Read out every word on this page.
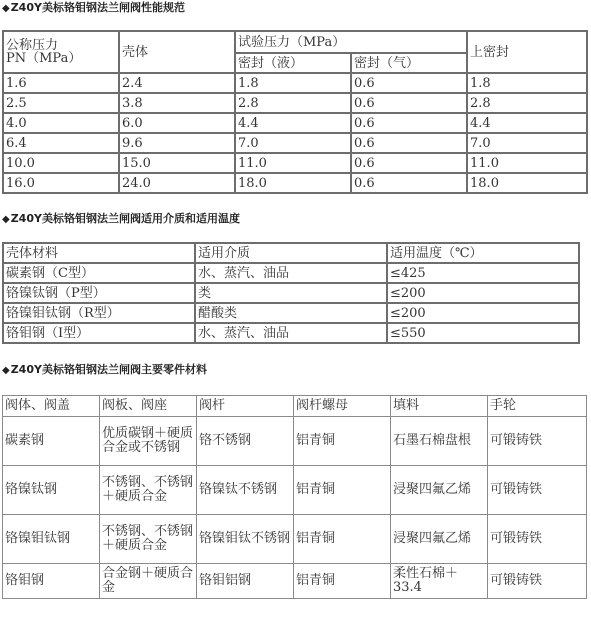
◆Z40Y美标铬钼钢法兰闸阀性能规范
公称压力
PN（MPa）	壳体	试验压力（MPa）		上密封
		密封（液）	密封（气）	
1.6	2.4	1.8	0.6	1.8
2.5	3.8	2.8	0.6	2.8
4.0	6.0	4.4	0.6	4.4
6.4	9.6	7.0	0.6	7.0
10.0	15.0	11.0	0.6	11.0
16.0	24.0	18.0	0.6	18.0
◆Z40Y美标铬钼钢法兰闸阀适用介质和适用温度
壳体材料	适用介质	适用温度（℃）
碳素钢（C型）	水、蒸汽、油品	≤425
铬镍钛钢（P型）	类	≤200
铬镍钼钛钢（R型）	醋酸类	≤200
铬钼钢（I型）	水、蒸汽、油品	≤550
◆Z40Y美标铬钼钢法兰闸阀主要零件材料
阀体、阀盖	阀板、阀座	阀杆	阀杆螺母	填料	手轮
碳素钢	优质碳钢＋硬质合金或不锈钢	铬不锈钢	铝青铜	石墨石棉盘根	可锻铸铁
铬镍钛钢	不锈钢、不锈钢＋硬质合金	铬镍钛不锈钢	铝青铜	浸聚四氟乙烯	可锻铸铁
铬镍钼钛钢	不锈钢、不锈钢＋硬质合金	铬镍钼钛不锈钢	铝青铜	浸聚四氟乙烯	可锻铸铁
铬钼钢	合金钢＋硬质合金	铬钼铝钢	铝青铜	柔性石棉＋33.4	可锻铸铁
